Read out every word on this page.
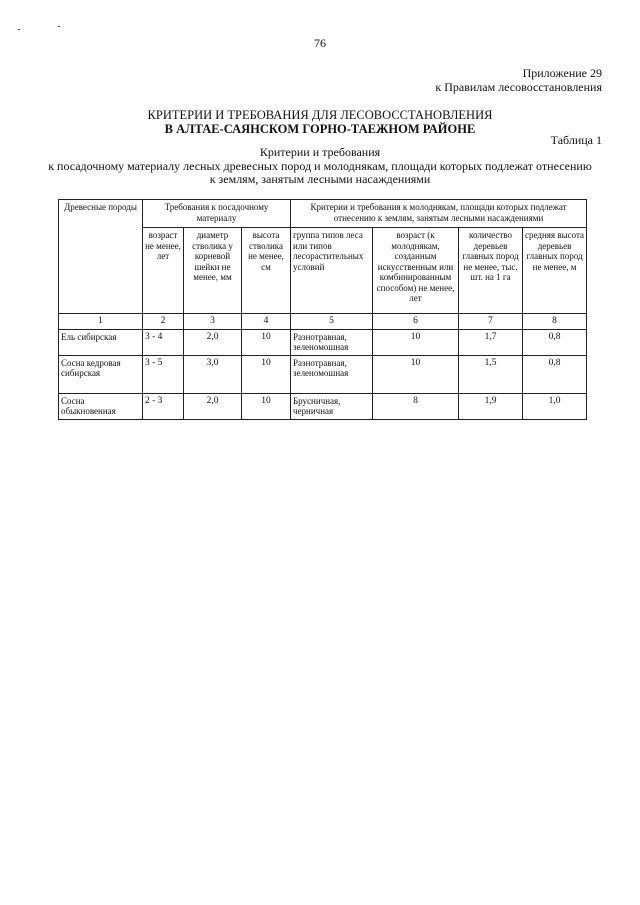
76
Приложение 29
к Правилам лесовосстановления
КРИТЕРИИ И ТРЕБОВАНИЯ ДЛЯ ЛЕСОВОССТАНОВЛЕНИЯ
В АЛТАЕ-САЯНСКОМ ГОРНО-ТАЕЖНОМ РАЙОНЕ
Таблица 1
Критерии и требования
к посадочному материалу лесных древесных пород и молоднякам, площади которых подлежат отнесению
к землям, занятым лесными насаждениями
Древесные породы	Требования к посадочному материалу			Критерии и требования к молоднякам, площади которых подлежат отнесению к землям, занятым лесными насаждениями			
	возраст не менее, лет	диаметр стволика у корневой шейки не менее, мм	высота стволика не менее, см	группа типов леса или типов лесорастительных условий	возраст (к молоднякам, созданным искусственным или комбинированным способом) не менее, лет	количество деревьев главных пород не менее, тыс. шт. на 1 га	средняя высота деревьев главных пород не менее, м
1	2	3	4	5	6	7	8
Ель сибирская	3 - 4	2,0	10	Разнотравная, зеленомошная	10	1,7	0,8
Сосна кедровая сибирская	3 - 5	3,0	10	Разнотравная, зеленомошная	10	1,5	0,8
Сосна обыкновенная	2 - 3	2,0	10	Брусничная, черничная	8	1,9	1,0
